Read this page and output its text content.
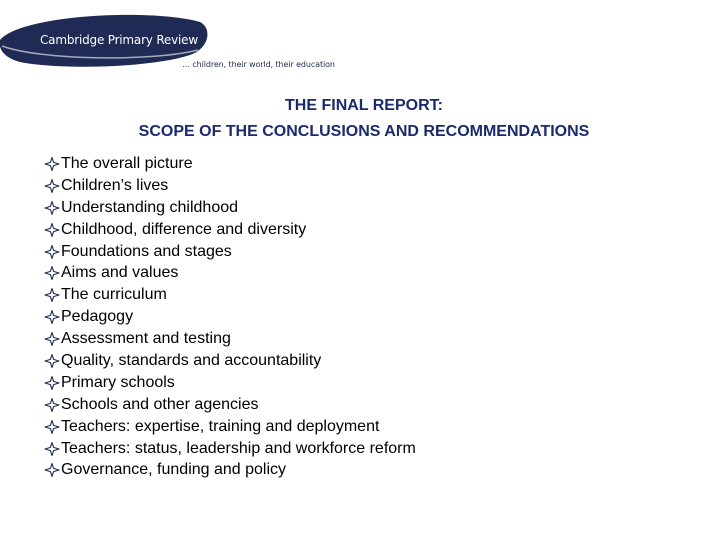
Cambridge Primary Review
… children, their world, their education
THE FINAL REPORT:
SCOPE OF THE CONCLUSIONS AND RECOMMENDATIONS
The overall picture
Children’s lives
Understanding childhood
Childhood, difference and diversity
Foundations and stages
Aims and values
The curriculum
Pedagogy
Assessment and testing
Quality, standards and accountability
Primary schools
Schools and other agencies
Teachers: expertise, training and deployment
Teachers: status, leadership and workforce reform
Governance, funding and policy
